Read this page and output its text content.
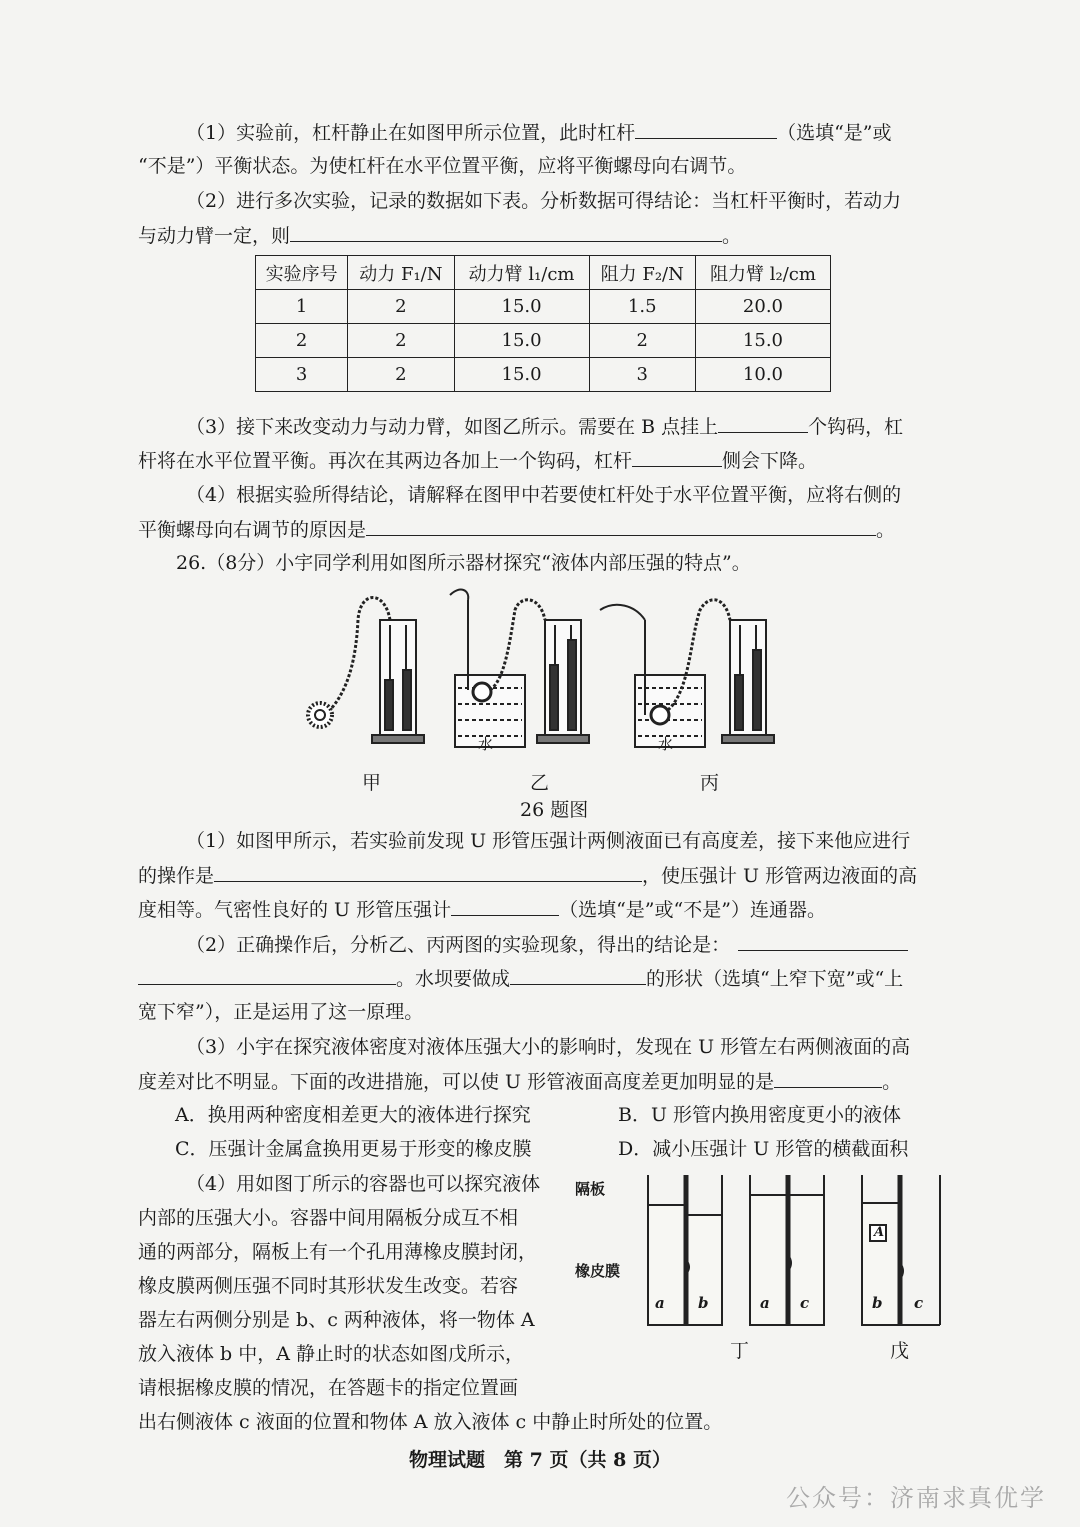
（1）实验前，杠杆静止在如图甲所示位置，此时杠杆	（选填“是”或
“不是”）平衡状态。为使杠杆在水平位置平衡，应将平衡螺母向右调节。
（2）进行多次实验，记录的数据如下表。分析数据可得结论：当杠杆平衡时，若动力
与动力臂一定，则	。
实验序号	动力 F₁/N	动力臂 l₁/cm	阻力 F₂/N	阻力臂 l₂/cm
1	2	15.0	1.5	20.0
2	2	15.0	2	15.0
3	2	15.0	3	10.0
（3）接下来改变动力与动力臂，如图乙所示。需要在 B 点挂上	个钩码，杠
杆将在水平位置平衡。再次在其两边各加上一个钩码，杠杆	侧会下降。
（4）根据实验所得结论，请解释在图甲中若要使杠杆处于水平位置平衡，应将右侧的
平衡螺母向右调节的原因是	。
26.（8分）小宇同学利用如图所示器材探究“液体内部压强的特点”。
水	水
甲	乙	丙
26 题图
（1）如图甲所示，若实验前发现 U 形管压强计两侧液面已有高度差，接下来他应进行
的操作是	，使压强计 U 形管两边液面的高
度相等。气密性良好的 U 形管压强计	（选填“是”或“不是”）连通器。
（2）正确操作后，分析乙、丙两图的实验现象，得出的结论是：
。水坝要做成	的形状（选填“上窄下宽”或“上
宽下窄”），正是运用了这一原理。
（3）小宇在探究液体密度对液体压强大小的影响时，发现在 U 形管左右两侧液面的高
度差对比不明显。下面的改进措施，可以使 U 形管液面高度差更加明显的是	。
A．换用两种密度相差更大的液体进行探究	B．U 形管内换用密度更小的液体
C．压强计金属盒换用更易于形变的橡皮膜	D．减小压强计 U 形管的横截面积
（4）用如图丁所示的容器也可以探究液体
内部的压强大小。容器中间用隔板分成互不相
通的两部分，隔板上有一个孔用薄橡皮膜封闭，
橡皮膜两侧压强不同时其形状发生改变。若容
器左右两侧分别是 b、c 两种液体，将一物体 A
放入液体 b 中，A 静止时的状态如图戊所示，
请根据橡皮膜的情况，在答题卡的指定位置画
出右侧液体 c 液面的位置和物体 A 放入液体 c 中静止时所处的位置。
隔板
橡皮膜
a b	a c	b c
A
丁	戊
物理试题　第 7 页（共 8 页）
公众号：济南求真优学
